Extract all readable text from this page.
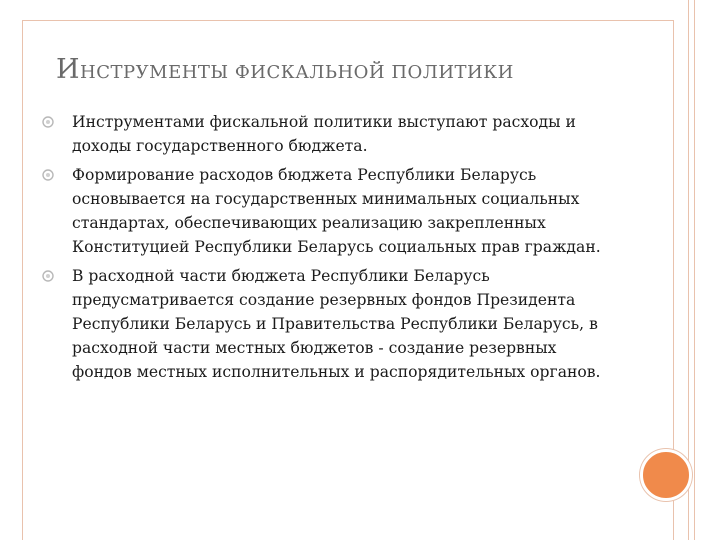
ИНСТРУМЕНТЫ ФИСКАЛЬНОЙ ПОЛИТИКИ
Инструментами фискальной политики выступают расходы и доходы государственного бюджета.
Формирование расходов бюджета Республики Беларусь основывается на государственных минимальных социальных стандартах, обеспечивающих реализацию закрепленных Конституцией Республики Беларусь социальных прав граждан.
В расходной части бюджета Республики Беларусь предусматривается создание резервных фондов Президента Республики Беларусь и Правительства Республики Беларусь, в расходной части местных бюджетов - создание резервных фондов местных исполнительных и распорядительных органов.
